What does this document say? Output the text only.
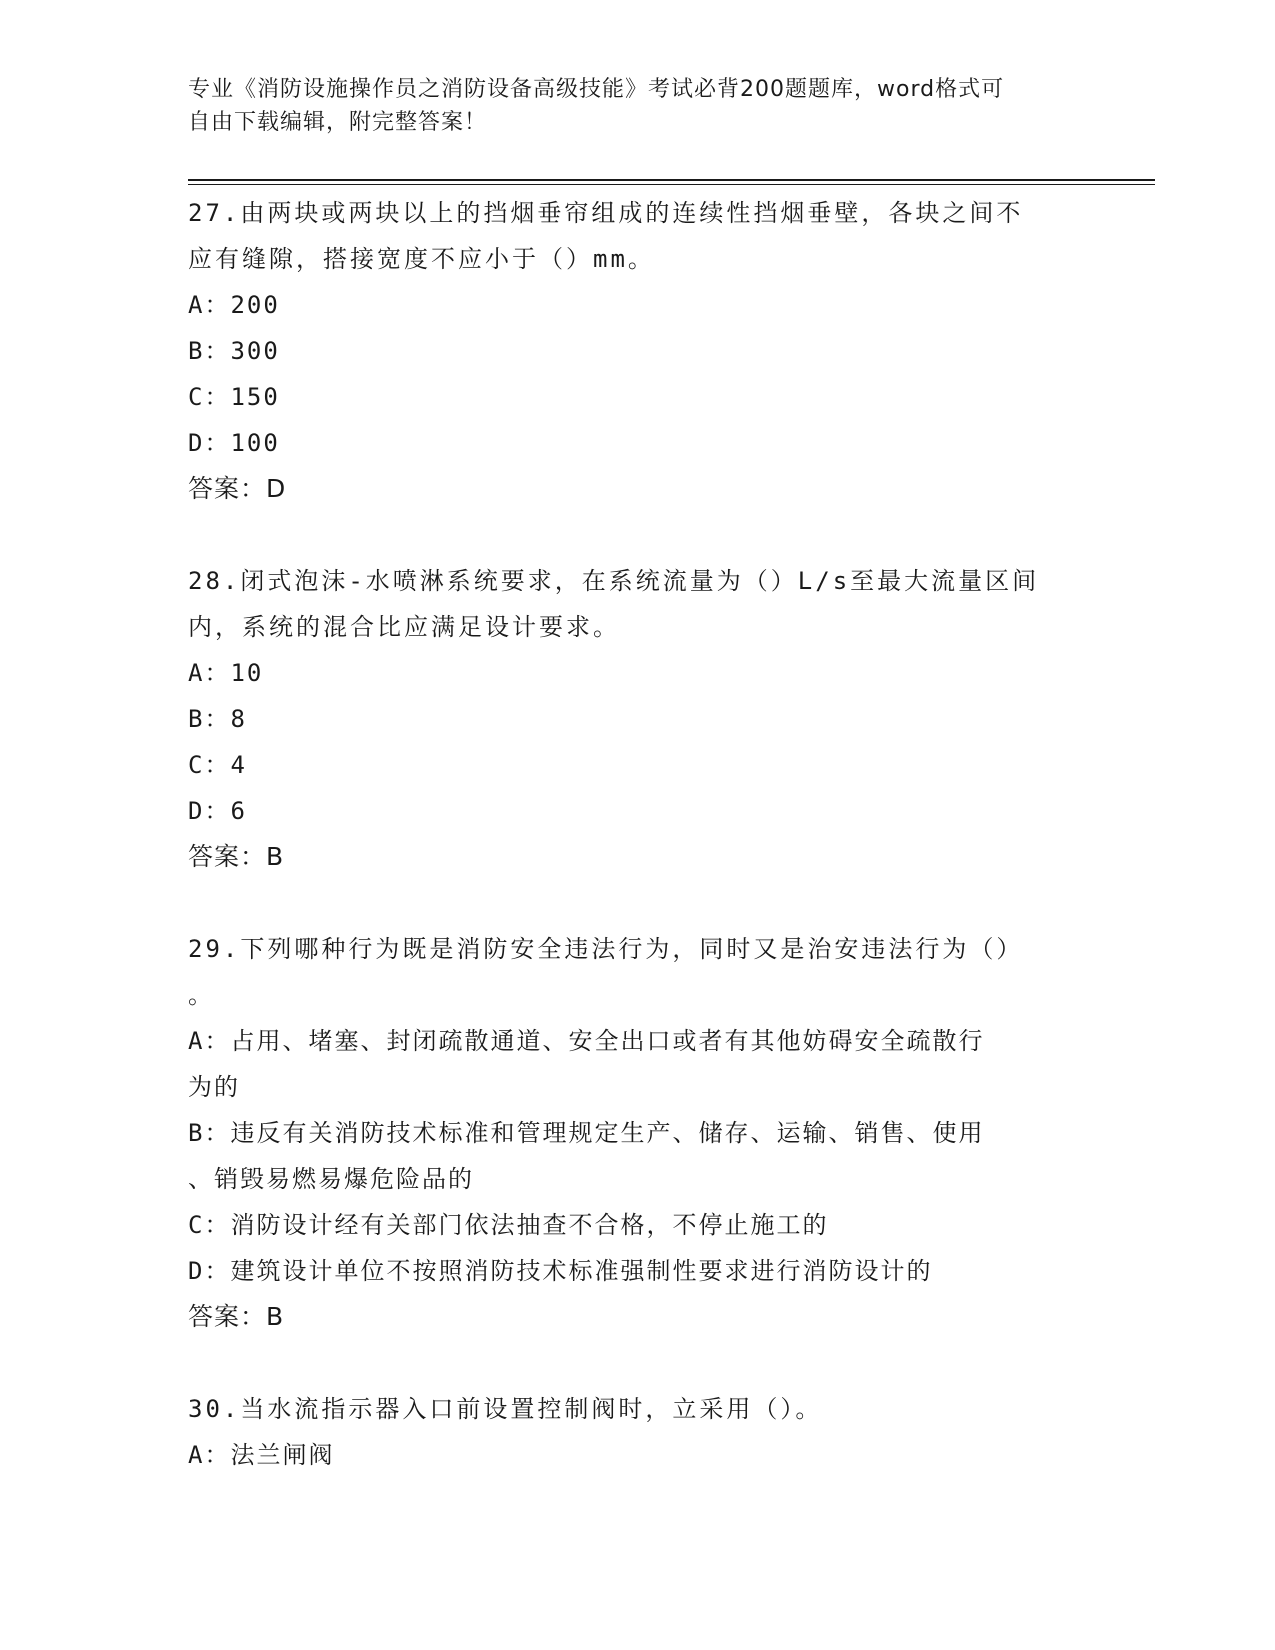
专业《消防设施操作员之消防设备高级技能》考试必背200题题库，word格式可
自由下载编辑，附完整答案！
27.由两块或两块以上的挡烟垂帘组成的连续性挡烟垂壁，各块之间不
应有缝隙，搭接宽度不应小于（）mm。
A：200
B：300
C：150
D：100
答案：D
28.闭式泡沫-水喷淋系统要求，在系统流量为（）L/s至最大流量区间
内，系统的混合比应满足设计要求。
A：10
B：8
C：4
D：6
答案：B
29.下列哪种行为既是消防安全违法行为，同时又是治安违法行为（）
。
A：占用、堵塞、封闭疏散通道、安全出口或者有其他妨碍安全疏散行
为的
B：违反有关消防技术标准和管理规定生产、储存、运输、销售、使用
、销毁易燃易爆危险品的
C：消防设计经有关部门依法抽查不合格，不停止施工的
D：建筑设计单位不按照消防技术标准强制性要求进行消防设计的
答案：B
30.当水流指示器入口前设置控制阀时，立采用（）。
A：法兰闸阀
